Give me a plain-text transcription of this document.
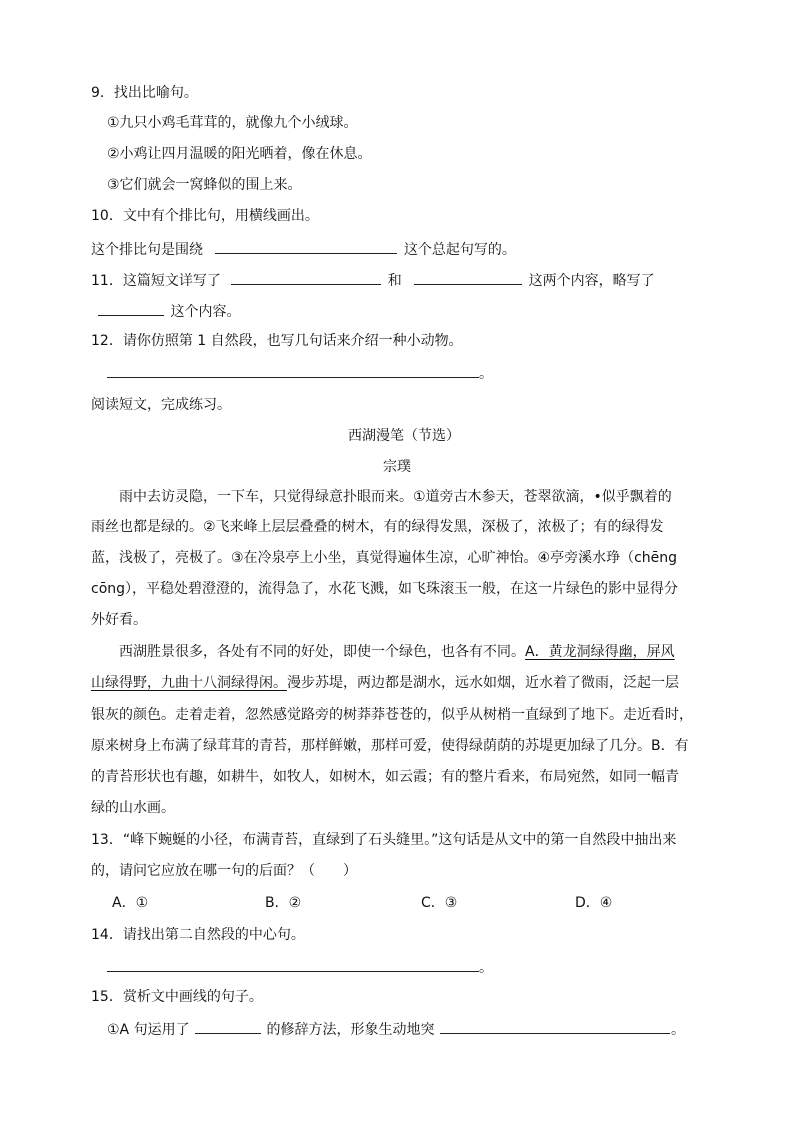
9．找出比喻句。
①九只小鸡毛茸茸的，就像九个小绒球。
②小鸡让四月温暖的阳光晒着，像在休息。
③它们就会一窝蜂似的围上来。
10．文中有个排比句，用横线画出。
这个排比句是围绕	这个总起句写的。
11．这篇短文详写了	和	这两个内容，略写了
这个内容。
12．请你仿照第 1 自然段，也写几句话来介绍一种小动物。
。
阅读短文，完成练习。
西湖漫笔（节选）
宗璞
雨中去访灵隐，一下车，只觉得绿意扑眼而来。①道旁古木参天，苍翠欲滴，•似乎飘着的
雨丝也都是绿的。②飞来峰上层层叠叠的树木，有的绿得发黑，深极了，浓极了；有的绿得发
蓝，浅极了，亮极了。③在冷泉亭上小坐，真觉得遍体生凉，心旷神怡。④亭旁溪水琤（chēng
cōng），平稳处碧澄澄的，流得急了，水花飞溅，如飞珠滚玉一般，在这一片绿色的影中显得分
外好看。
西湖胜景很多，各处有不同的好处，即使一个绿色，也各有不同。A．黄龙洞绿得幽，屏风
山绿得野，九曲十八洞绿得闲。漫步苏堤，两边都是湖水，远水如烟，近水着了微雨，泛起一层
银灰的颜色。走着走着，忽然感觉路旁的树莽莽苍苍的，似乎从树梢一直绿到了地下。走近看时，
原来树身上布满了绿茸茸的青苔，那样鲜嫩，那样可爱，使得绿荫荫的苏堤更加绿了几分。B．有
的青苔形状也有趣，如耕牛，如牧人，如树木，如云霞；有的整片看来，布局宛然，如同一幅青
绿的山水画。
13．“峰下蜿蜒的小径，布满青苔，直绿到了石头缝里。”这句话是从文中的第一自然段中抽出来
的，请问它应放在哪一句的后面？（　　）
A．①	B．②	C．③	D．④
14．请找出第二自然段的中心句。
。
15．赏析文中画线的句子。
①A 句运用了	的修辞方法，形象生动地突	。
